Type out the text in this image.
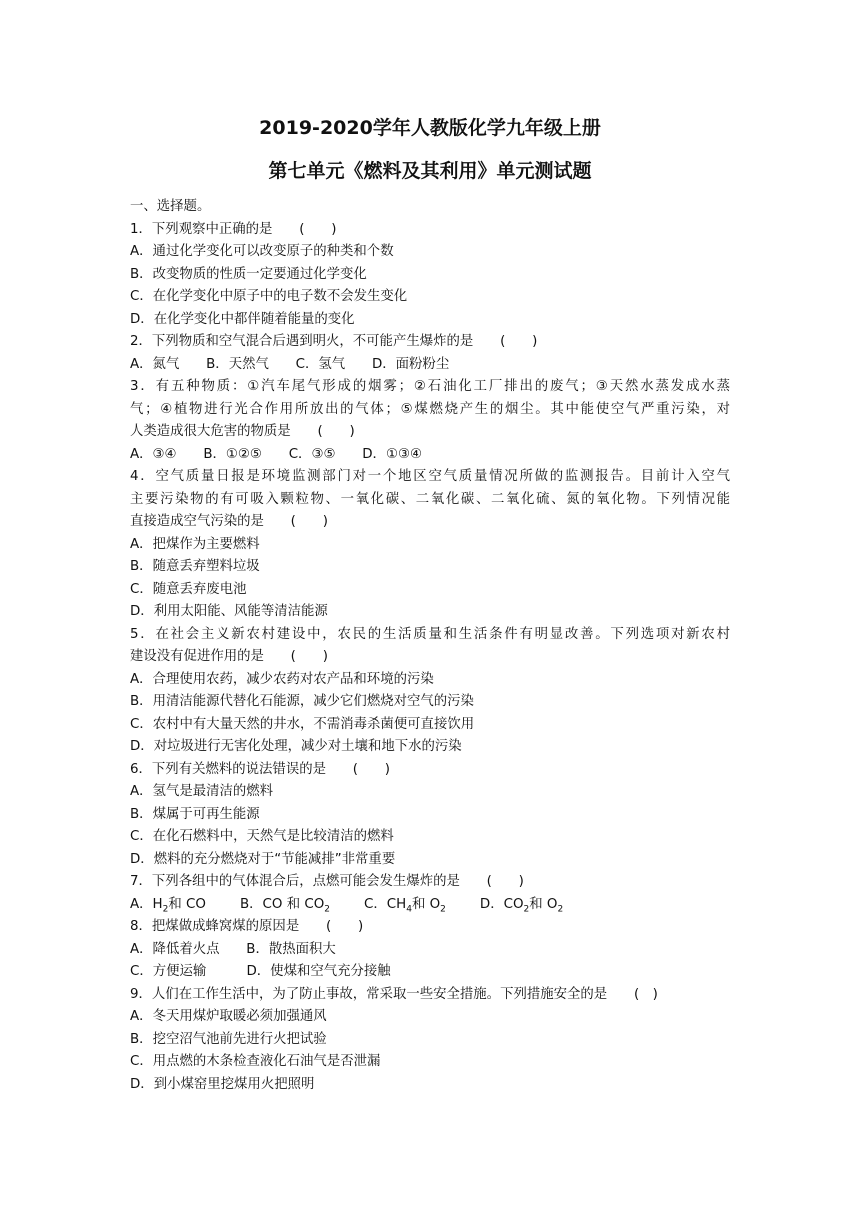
2019-2020学年人教版化学九年级上册
第七单元《燃料及其利用》单元测试题
一、选择题。
1．下列观察中正确的是　　(　　)
A．通过化学变化可以改变原子的种类和个数
B．改变物质的性质一定要通过化学变化
C．在化学变化中原子中的电子数不会发生变化
D．在化学变化中都伴随着能量的变化
2．下列物质和空气混合后遇到明火，不可能产生爆炸的是　　(　　)
A．氮气　　B．天然气　　C．氢气　　D．面粉粉尘
3．有五种物质：①汽车尾气形成的烟雾；②石油化工厂排出的废气；③天然水蒸发成水蒸
气；④植物进行光合作用所放出的气体；⑤煤燃烧产生的烟尘。其中能使空气严重污染，对
人类造成很大危害的物质是　　(　　)
A．③④　　B．①②⑤　　C．③⑤　　D．①③④
4．空气质量日报是环境监测部门对一个地区空气质量情况所做的监测报告。目前计入空气
主要污染物的有可吸入颗粒物、一氧化碳、二氧化碳、二氧化硫、氮的氧化物。下列情况能
直接造成空气污染的是　　(　　)
A．把煤作为主要燃料
B．随意丢弃塑料垃圾
C．随意丢弃废电池
D．利用太阳能、风能等清洁能源
5．在社会主义新农村建设中，农民的生活质量和生活条件有明显改善。下列选项对新农村
建设没有促进作用的是　　(　　)
A．合理使用农药，减少农药对农产品和环境的污染
B．用清洁能源代替化石能源，减少它们燃烧对空气的污染
C．农村中有大量天然的井水，不需消毒杀菌便可直接饮用
D．对垃圾进行无害化处理，减少对土壤和地下水的污染
6．下列有关燃料的说法错误的是　　(　　)
A．氢气是最清洁的燃料
B．煤属于可再生能源
C．在化石燃料中，天然气是比较清洁的燃料
D．燃料的充分燃烧对于“节能减排”非常重要
7．下列各组中的气体混合后，点燃可能会发生爆炸的是　　(　　)
A．$H_2$和 CO	B．CO 和 $CO_2$	C．$CH_4$和 $O_2$	D．$CO_2$和 $O_2$
8．把煤做成蜂窝煤的原因是　　(　　)
A．降低着火点　　B．散热面积大
C．方便运输　　　D．使煤和空气充分接触
9．人们在工作生活中，为了防止事故，常采取一些安全措施。下列措施安全的是　　(　)
A．冬天用煤炉取暖必须加强通风
B．挖空沼气池前先进行火把试验
C．用点燃的木条检查液化石油气是否泄漏
D．到小煤窑里挖煤用火把照明
